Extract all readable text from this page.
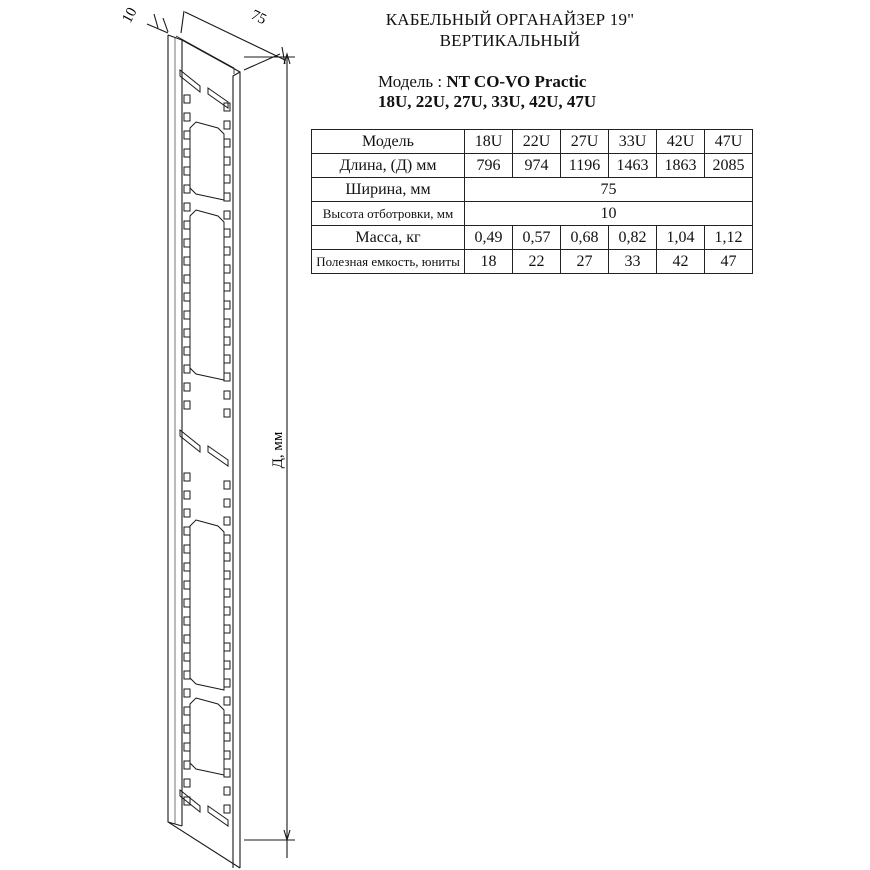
10	75
Д, мм
КАБЕЛЬНЫЙ ОРГАНАЙЗЕР 19"
ВЕРТИКАЛЬНЫЙ
Модель : NT CO-VO Practic
18U, 22U, 27U, 33U, 42U, 47U
Модель	18U	22U	27U	33U	42U	47U
Длина, (Д) мм	796	974	1196	1463	1863	2085
Ширина, мм	75					
Высота отботровки, мм	10					
Масса, кг	0,49	0,57	0,68	0,82	1,04	1,12
Полезная емкость, юниты	18	22	27	33	42	47
